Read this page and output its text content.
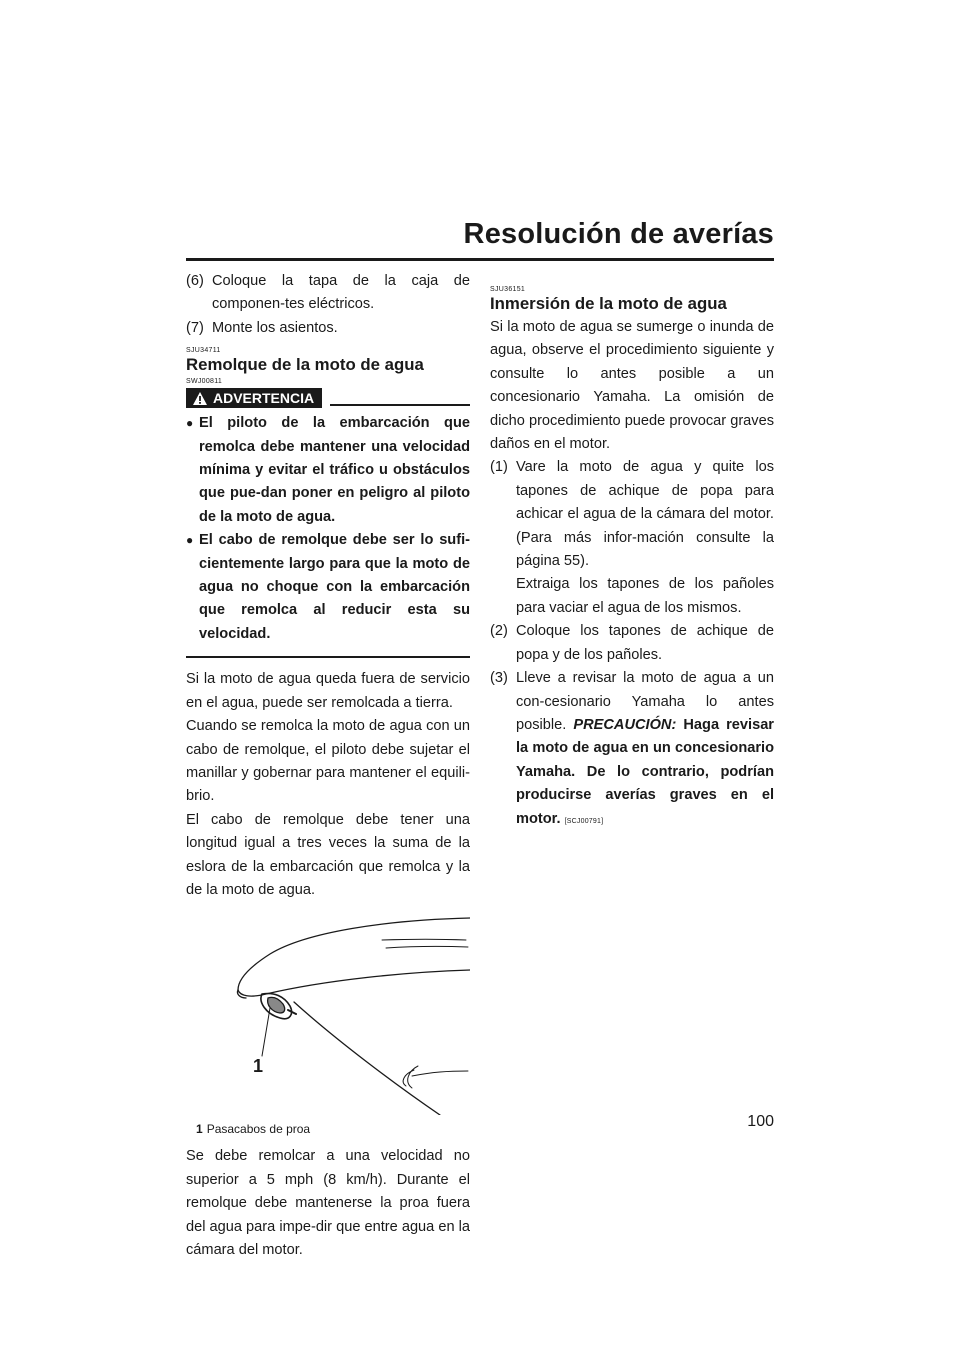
Resolución de averías
(6) Coloque la tapa de la caja de componen-tes eléctricos.
(7) Monte los asientos.
SJU34711
Remolque de la moto de agua
SWJ00811
ADVERTENCIA
● El piloto de la embarcación que remolca debe mantener una velocidad mínima y evitar el tráfico u obstáculos que pue-dan poner en peligro al piloto de la moto de agua.
● El cabo de remolque debe ser lo sufi-cientemente largo para que la moto de agua no choque con la embarcación que remolca al reducir esta su velocidad.
Si la moto de agua queda fuera de servicio en el agua, puede ser remolcada a tierra.
Cuando se remolca la moto de agua con un cabo de remolque, el piloto debe sujetar el manillar y gobernar para mantener el equili-brio.
El cabo de remolque debe tener una longitud igual a tres veces la suma de la eslora de la embarcación que remolca y la de la moto de agua.
1
1 Pasacabos de proa
Se debe remolcar a una velocidad no superior a 5 mph (8 km/h). Durante el remolque debe mantenerse la proa fuera del agua para impe-dir que entre agua en la cámara del motor.
SJU36151
Inmersión de la moto de agua
Si la moto de agua se sumerge o inunda de agua, observe el procedimiento siguiente y consulte lo antes posible a un concesionario Yamaha. La omisión de dicho procedimiento puede provocar graves daños en el motor.
(1) Vare la moto de agua y quite los tapones de achique de popa para achicar el agua de la cámara del motor. (Para más infor-mación consulte la página 55).
Extraiga los tapones de los pañoles para vaciar el agua de los mismos.
(2) Coloque los tapones de achique de popa y de los pañoles.
(3) Lleve a revisar la moto de agua a un con-cesionario Yamaha lo antes posible. PRECAUCIÓN: Haga revisar la moto de agua en un concesionario Yamaha. De lo contrario, podrían producirse averías graves en el motor. [SCJ00791]
100
